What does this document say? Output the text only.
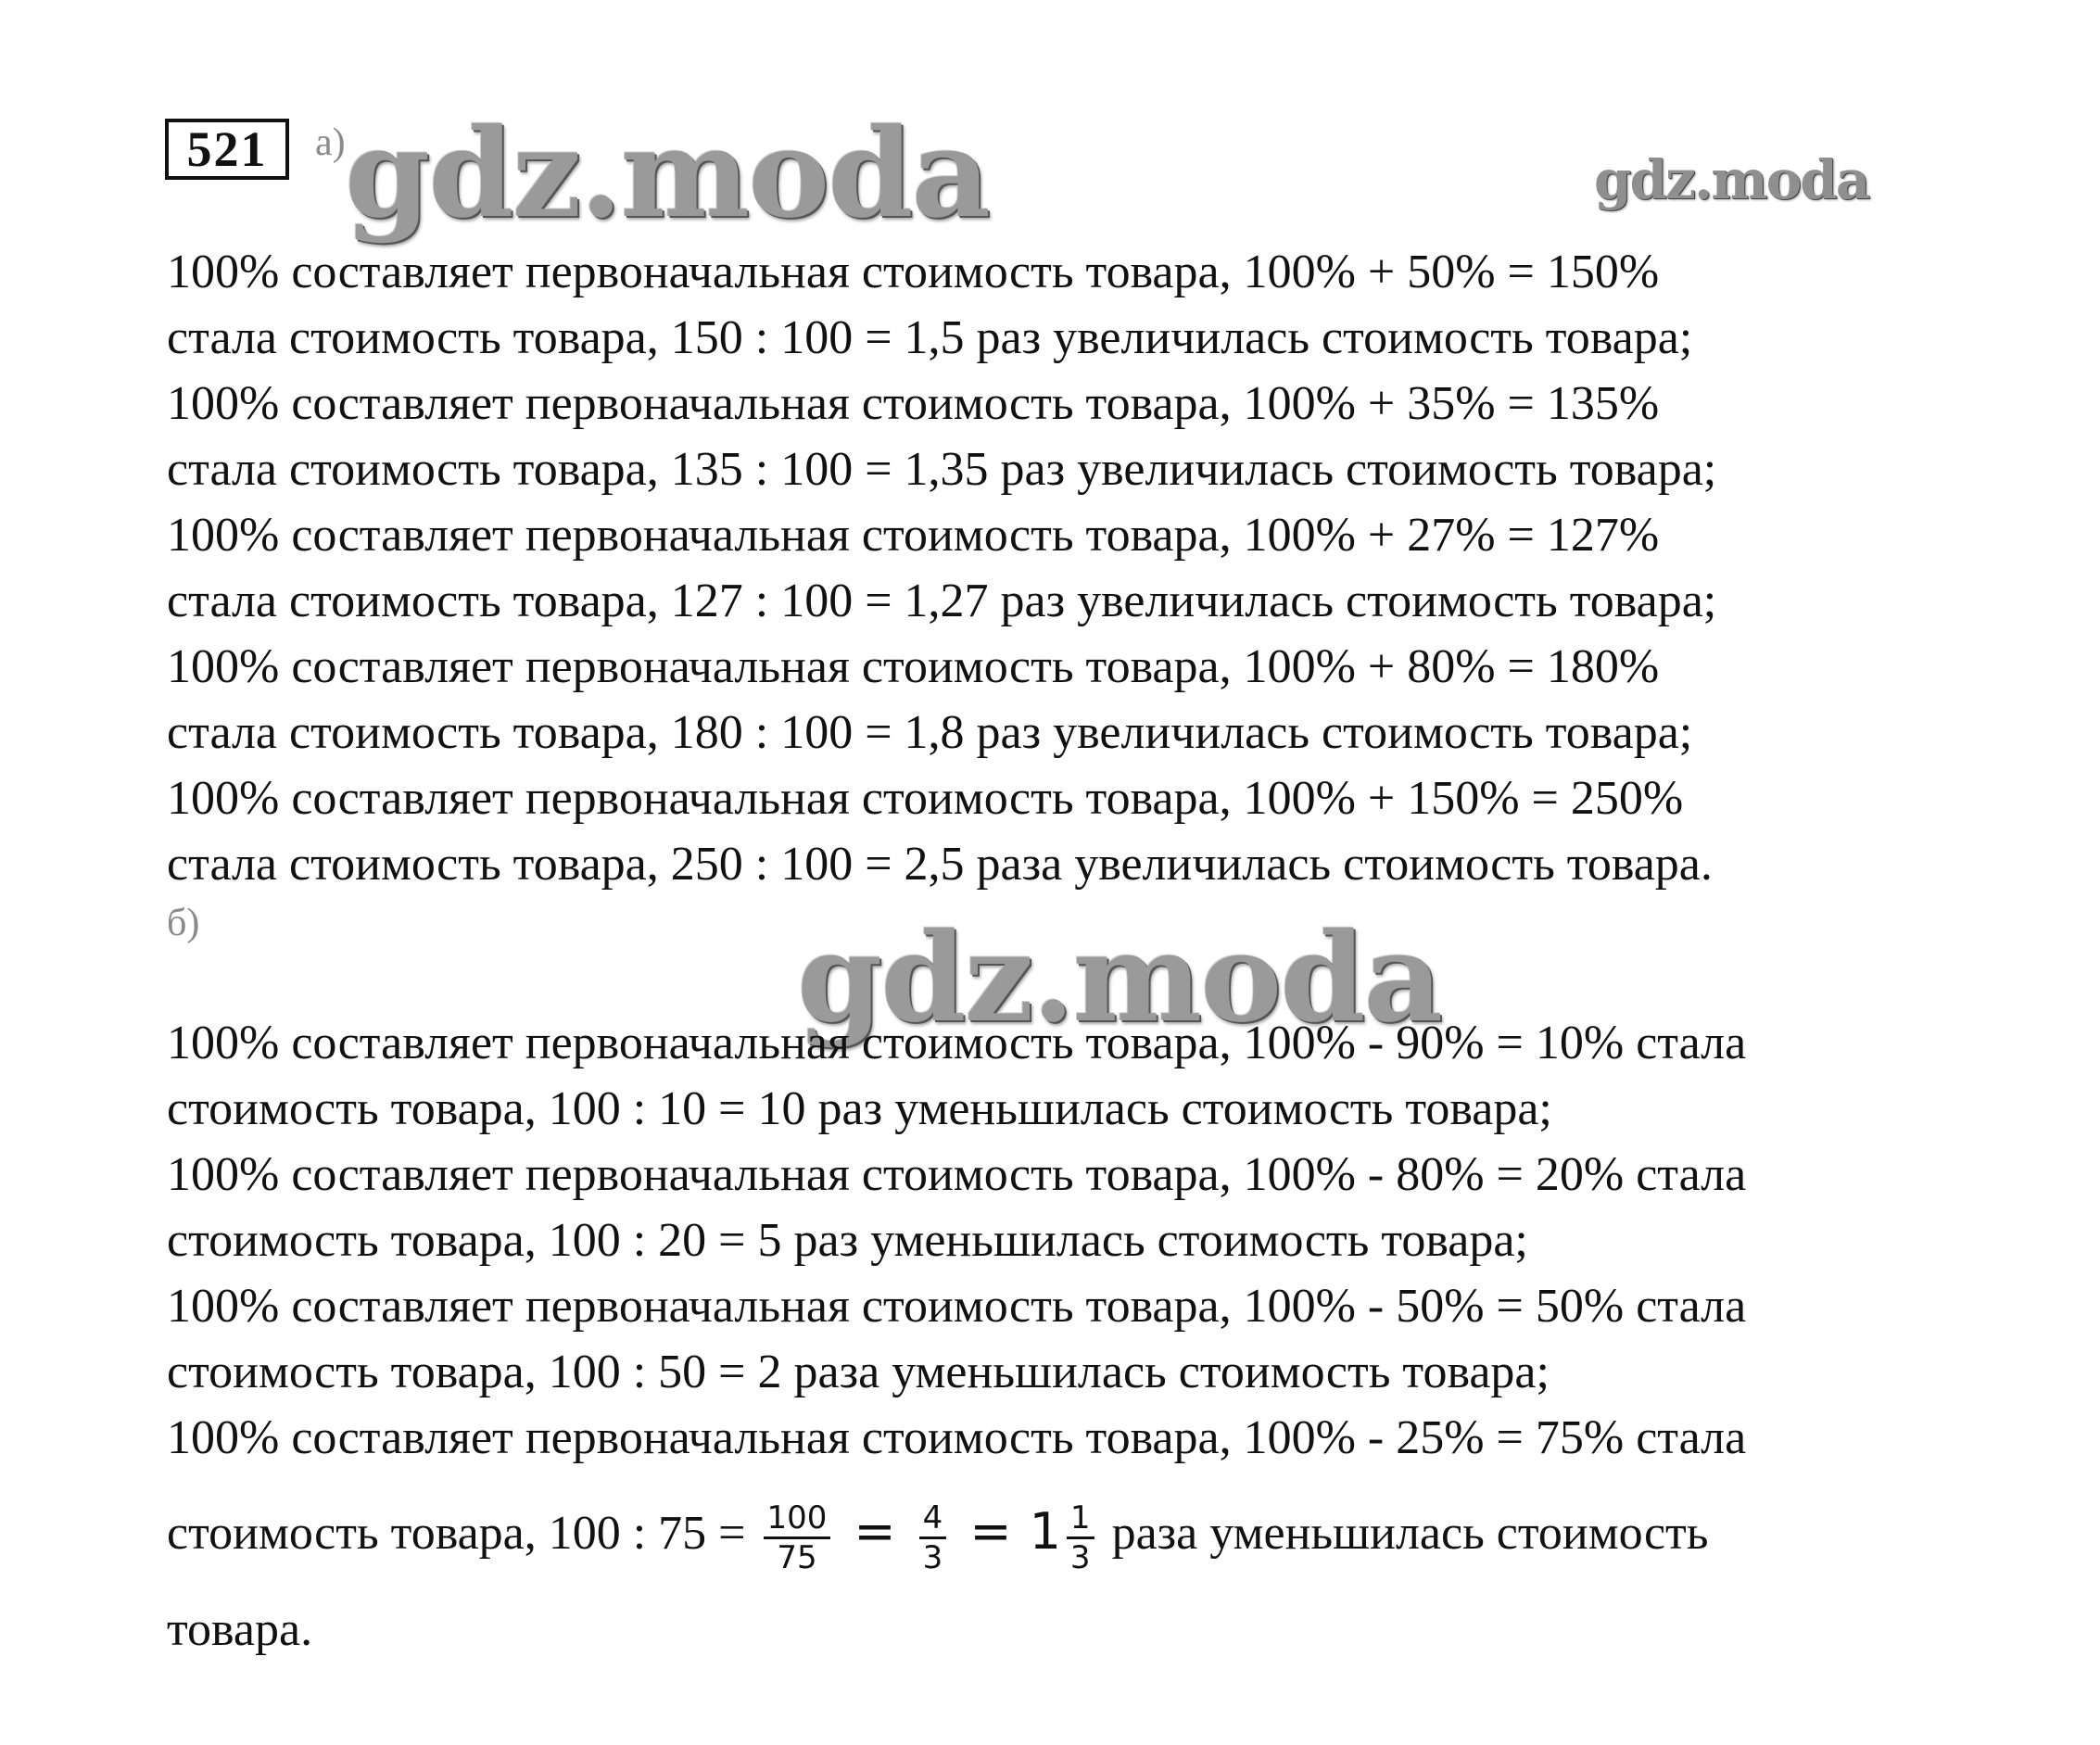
521	а) gdz.moda	gdz.moda
100% составляет первоначальная стоимость товара, 100% + 50% = 150%
стала стоимость товара, 150 : 100 = 1,5 раз увеличилась стоимость товара;
100% составляет первоначальная стоимость товара, 100% + 35% = 135%
стала стоимость товара, 135 : 100 = 1,35 раз увеличилась стоимость товара;
100% составляет первоначальная стоимость товара, 100% + 27% = 127%
стала стоимость товара, 127 : 100 = 1,27 раз увеличилась стоимость товара;
100% составляет первоначальная стоимость товара, 100% + 80% = 180%
стала стоимость товара, 180 : 100 = 1,8 раз увеличилась стоимость товара;
100% составляет первоначальная стоимость товара, 100% + 150% = 250%
стала стоимость товара, 250 : 100 = 2,5 раза увеличилась стоимость товара.
б)	gdz.moda
100% составляет первоначальная стоимость товара, 100% - 90% = 10% стала
стоимость товара, 100 : 10 = 10 раз уменьшилась стоимость товара;
100% составляет первоначальная стоимость товара, 100% - 80% = 20% стала
стоимость товара, 100 : 20 = 5 раз уменьшилась стоимость товара;
100% составляет первоначальная стоимость товара, 100% - 50% = 50% стала
стоимость товара, 100 : 50 = 2 раза уменьшилась стоимость товара;
100% составляет первоначальная стоимость товара, 100% - 25% = 75% стала
стоимость товара, 100 : $75 = \frac{100}{75} = \frac{4}{3} = 1 \frac{1}{3}$ раза уменьшилась стоимость
товара.
